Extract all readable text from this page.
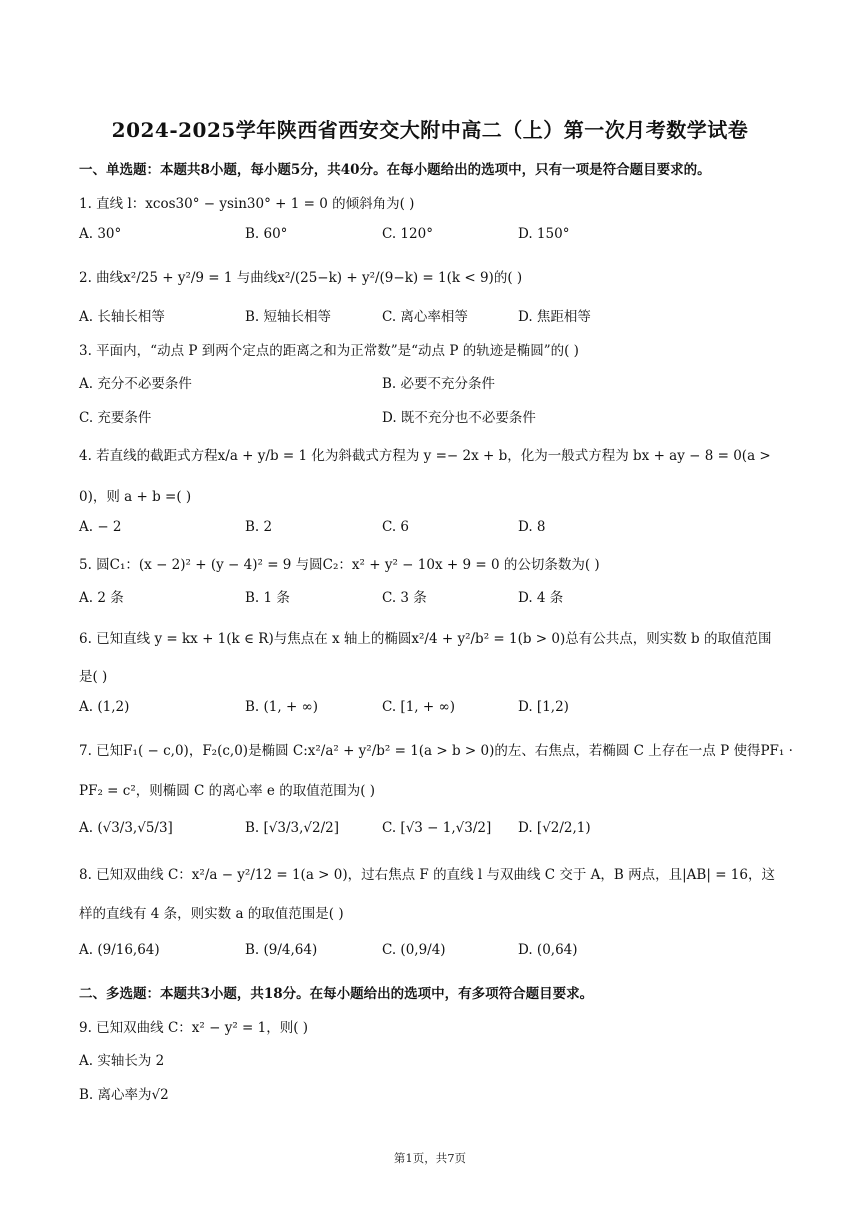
2024-2025学年陕西省西安交大附中高二（上）第一次月考数学试卷
一、单选题：本题共8小题，每小题5分，共40分。在每小题给出的选项中，只有一项是符合题目要求的。
1. 直线 l：xcos30° − ysin30° + 1 = 0 的倾斜角为( )
A. 30°	B. 60°	C. 120°	D. 150°
2. 曲线x²/25 + y²/9 = 1 与曲线x²/(25−k) + y²/(9−k) = 1(k < 9)的( )
A. 长轴长相等	B. 短轴长相等	C. 离心率相等	D. 焦距相等
3. 平面内，“动点 P 到两个定点的距离之和为正常数”是“动点 P 的轨迹是椭圆”的( )
A. 充分不必要条件	B. 必要不充分条件
C. 充要条件	D. 既不充分也不必要条件
4. 若直线的截距式方程x/a + y/b = 1 化为斜截式方程为 y =− 2x + b，化为一般式方程为 bx + ay − 8 = 0(a >
0)，则 a + b =( )
A. − 2	B. 2	C. 6	D. 8
5. 圆C₁：(x − 2)² + (y − 4)² = 9 与圆C₂：x² + y² − 10x + 9 = 0 的公切条数为( )
A. 2 条	B. 1 条	C. 3 条	D. 4 条
6. 已知直线 y = kx + 1(k ∈ R)与焦点在 x 轴上的椭圆x²/4 + y²/b² = 1(b > 0)总有公共点，则实数 b 的取值范围
是( )
A. (1,2)	B. (1, + ∞)	C. [1, + ∞)	D. [1,2)
7. 已知F₁( − c,0)，F₂(c,0)是椭圆 C:x²/a² + y²/b² = 1(a > b > 0)的左、右焦点，若椭圆 C 上存在一点 P 使得PF₁ ·
PF₂ = c²，则椭圆 C 的离心率 e 的取值范围为( )
A. (√3/3,√5/3]	B. [√3/3,√2/2]	C. [√3 − 1,√3/2] D. [√2/2,1)
8. 已知双曲线 C：x²/a − y²/12 = 1(a > 0)，过右焦点 F 的直线 l 与双曲线 C 交于 A，B 两点，且|AB| = 16，这
样的直线有 4 条，则实数 a 的取值范围是( )
A. (9/16,64)	B. (9/4,64)	C. (0,9/4)	D. (0,64)
二、多选题：本题共3小题，共18分。在每小题给出的选项中，有多项符合题目要求。
9. 已知双曲线 C：x² − y² = 1，则( )
A. 实轴长为 2
B. 离心率为√2
第1页，共7页
